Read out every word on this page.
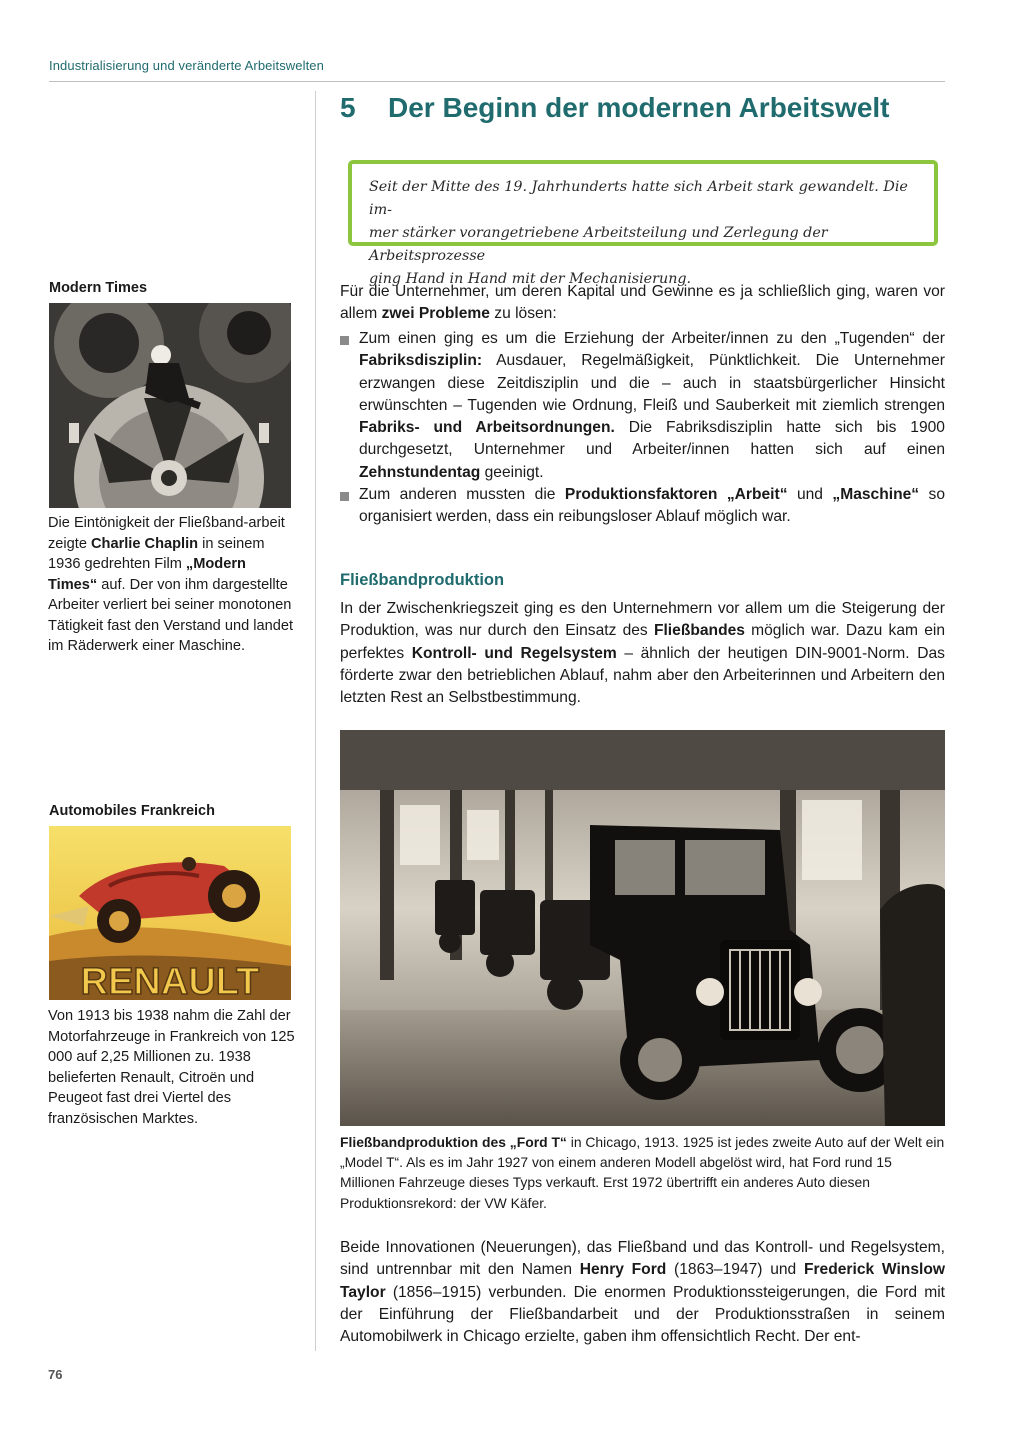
Industrialisierung und veränderte Arbeitswelten
5 Der Beginn der modernen Arbeitswelt
Seit der Mitte des 19. Jahrhunderts hatte sich Arbeit stark gewandelt. Die im-
mer stärker vorangetriebene Arbeitsteilung und Zerlegung der Arbeitsprozesse
ging Hand in Hand mit der Mechanisierung.

Für die Unternehmer, um deren Kapital und Gewinne es ja schließlich ging, waren vor allem zwei Probleme zu lösen:

Zum einen ging es um die Erziehung der Arbeiter/innen zu den „Tugenden“ der Fabriksdisziplin: Ausdauer, Regelmäßigkeit, Pünktlichkeit. Die Unternehmer erzwangen diese Zeitdisziplin und die – auch in staatsbürgerlicher Hinsicht erwünschten – Tugenden wie Ordnung, Fleiß und Sauberkeit mit ziemlich strengen Fabriks- und Arbeitsordnungen. Die Fabriksdisziplin hatte sich bis 1900 durchgesetzt, Unternehmer und Arbeiter/innen hatten sich auf einen Zehnstundentag geeinigt.
Zum anderen mussten die Produktionsfaktoren „Arbeit“ und „Maschine“ so organisiert werden, dass ein reibungsloser Ablauf möglich war.
Fließbandproduktion

In der Zwischenkriegszeit ging es den Unternehmern vor allem um die Steigerung der Produktion, was nur durch den Einsatz des Fließbandes möglich war. Dazu kam ein perfektes Kontroll- und Regelsystem – ähnlich der heutigen DIN-9001-Norm. Das förderte zwar den betrieblichen Ablauf, nahm aber den Arbeiterinnen und Arbeitern den letzten Rest an Selbstbestimmung.

Fließbandproduktion des „Ford T“ in Chicago, 1913. 1925 ist jedes zweite Auto auf der Welt ein „Model T“. Als es im Jahr 1927 von einem anderen Modell abgelöst wird, hat Ford rund 15 Millionen Fahrzeuge dieses Typs verkauft. Erst 1972 übertrifft ein anderes Auto diesen Produktionsrekord: der VW Käfer.

Beide Innovationen (Neuerungen), das Fließband und das Kontroll- und Regelsystem, sind untrennbar mit den Namen Henry Ford (1863–1947) und Frederick Winslow Taylor (1856–1915) verbunden. Die enormen Produktionssteigerungen, die Ford mit der Einführung der Fließbandarbeit und der Produktionsstraßen in seinem Automobilwerk in Chicago erzielte, gaben ihm offensichtlich Recht. Der ent-

Modern Times
Die Eintönigkeit der Fließband-arbeit zeigte Charlie Chaplin in seinem 1936 gedrehten Film „Modern Times“ auf. Der von ihm dargestellte Arbeiter verliert bei seiner monotonen Tätigkeit fast den Verstand und landet im Räderwerk einer Maschine.
Automobiles Frankreich
RENAULT
Von 1913 bis 1938 nahm die Zahl der Motorfahrzeuge in Frankreich von 125 000 auf 2,25 Millionen zu. 1938 belieferten Renault, Citroën und Peugeot fast drei Viertel des französischen Marktes.
76
